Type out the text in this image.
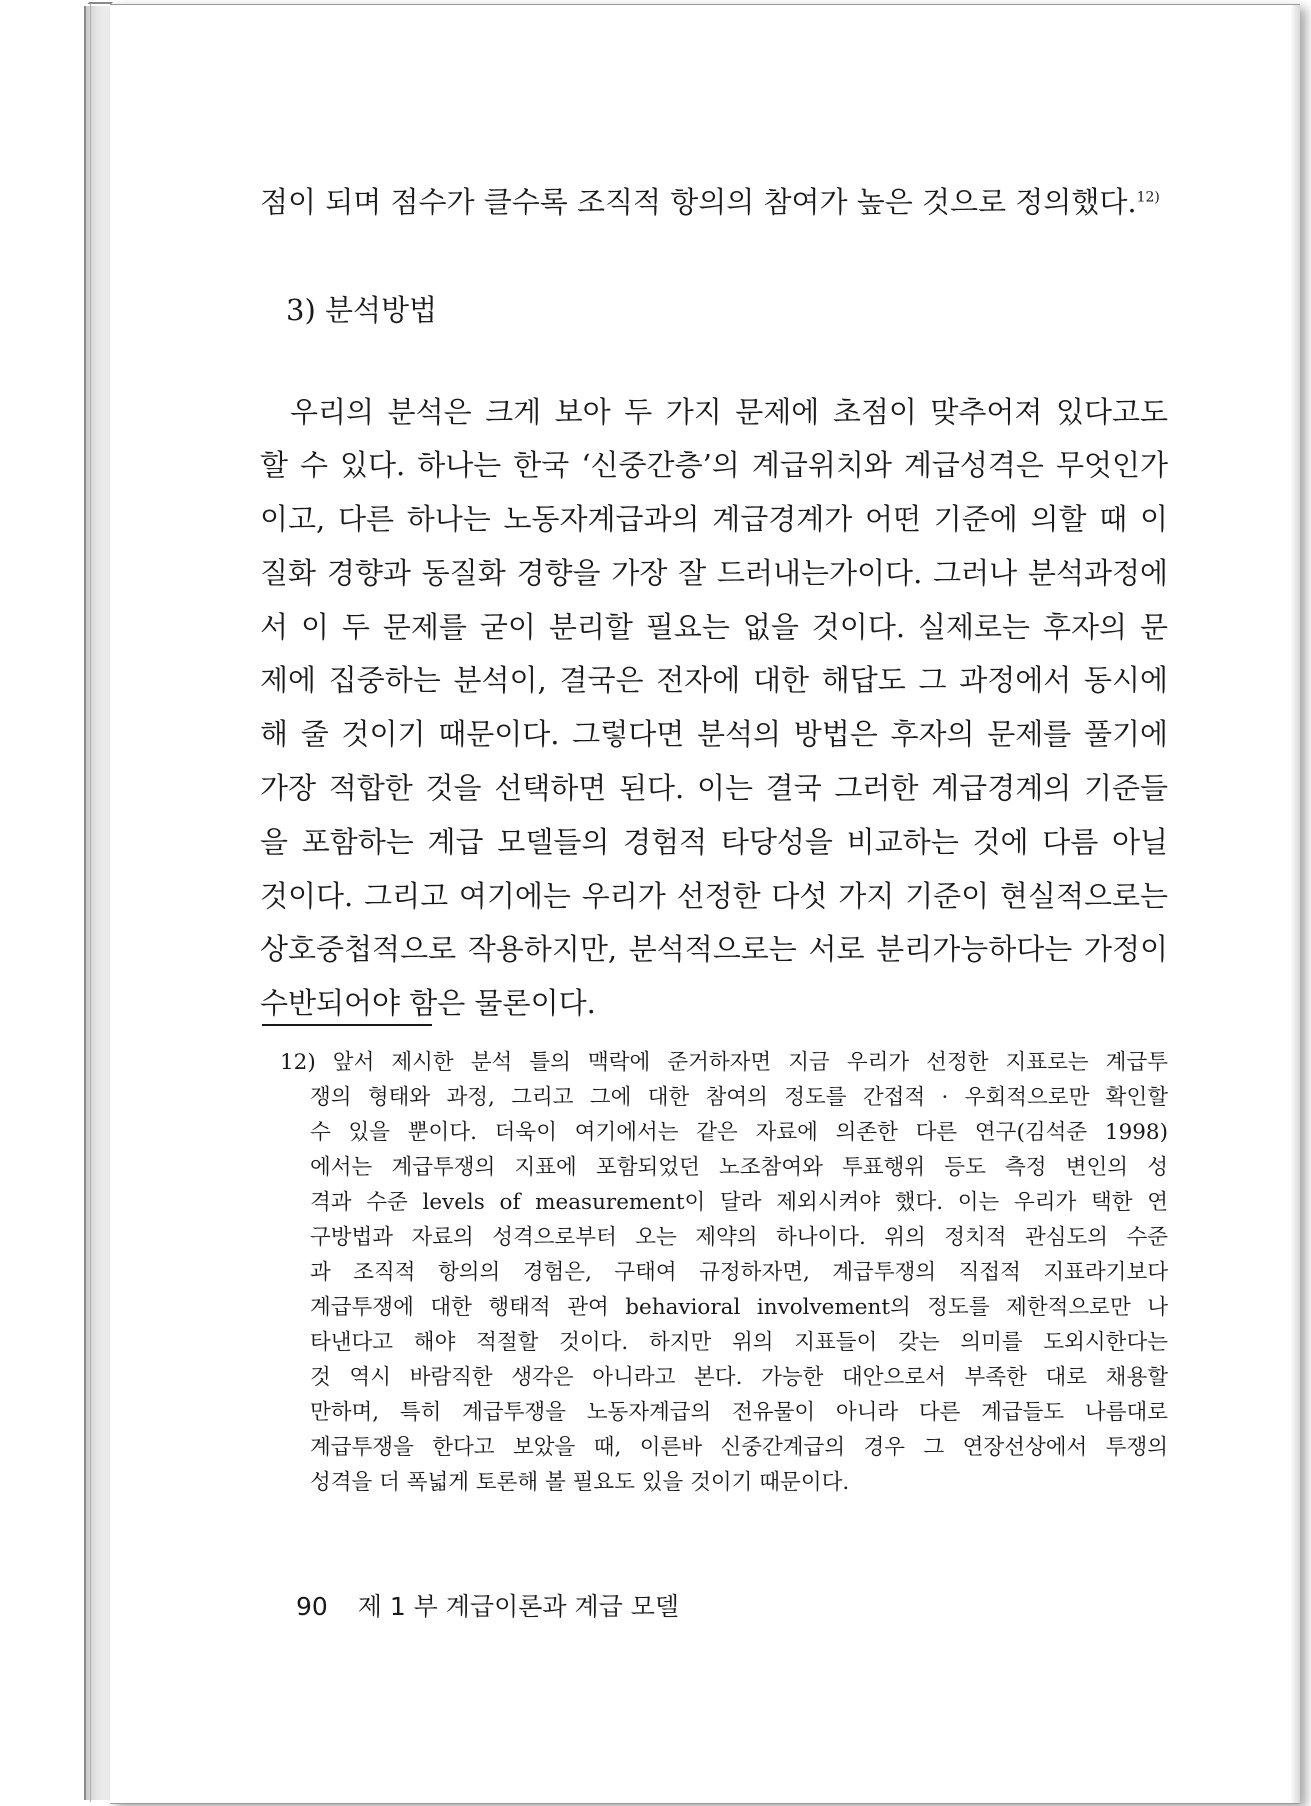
점이 되며 점수가 클수록 조직적 항의의 참여가 높은 것으로 정의했다.$^{12)}$
3) 분석방법
우리의 분석은 크게 보아 두 가지 문제에 초점이 맞추어져 있다고도
할 수 있다. 하나는 한국 ‘신중간층’의 계급위치와 계급성격은 무엇인가
이고, 다른 하나는 노동자계급과의 계급경계가 어떤 기준에 의할 때 이
질화 경향과 동질화 경향을 가장 잘 드러내는가이다. 그러나 분석과정에
서 이 두 문제를 굳이 분리할 필요는 없을 것이다. 실제로는 후자의 문
제에 집중하는 분석이, 결국은 전자에 대한 해답도 그 과정에서 동시에
해 줄 것이기 때문이다. 그렇다면 분석의 방법은 후자의 문제를 풀기에
가장 적합한 것을 선택하면 된다. 이는 결국 그러한 계급경계의 기준들
을 포함하는 계급 모델들의 경험적 타당성을 비교하는 것에 다름 아닐
것이다. 그리고 여기에는 우리가 선정한 다섯 가지 기준이 현실적으로는
상호중첩적으로 작용하지만, 분석적으로는 서로 분리가능하다는 가정이
수반되어야 함은 물론이다.
12) 앞서 제시한 분석 틀의 맥락에 준거하자면 지금 우리가 선정한 지표로는 계급투
쟁의 형태와 과정, 그리고 그에 대한 참여의 정도를 간접적 · 우회적으로만 확인할
수 있을 뿐이다. 더욱이 여기에서는 같은 자료에 의존한 다른 연구(김석준 1998)
에서는 계급투쟁의 지표에 포함되었던 노조참여와 투표행위 등도 측정 변인의 성
격과 수준 levels of measurement이 달라 제외시켜야 했다. 이는 우리가 택한 연
구방법과 자료의 성격으로부터 오는 제약의 하나이다. 위의 정치적 관심도의 수준
과 조직적 항의의 경험은, 구태여 규정하자면, 계급투쟁의 직접적 지표라기보다
계급투쟁에 대한 행태적 관여 behavioral involvement의 정도를 제한적으로만 나
타낸다고 해야 적절할 것이다. 하지만 위의 지표들이 갖는 의미를 도외시한다는
것 역시 바람직한 생각은 아니라고 본다. 가능한 대안으로서 부족한 대로 채용할
만하며, 특히 계급투쟁을 노동자계급의 전유물이 아니라 다른 계급들도 나름대로
계급투쟁을 한다고 보았을 때, 이른바 신중간계급의 경우 그 연장선상에서 투쟁의
성격을 더 폭넓게 토론해 볼 필요도 있을 것이기 때문이다.
90 제 1 부 계급이론과 계급 모델
